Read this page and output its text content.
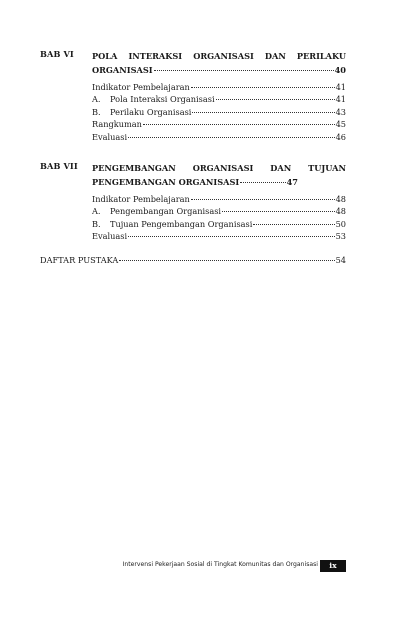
BAB VI POLA INTERAKSI ORGANISASI DAN PERILAKU
ORGANISASI	40
Indikator Pembelajaran	41
A.	Pola Interaksi Organisasi	41
B.	Perilaku Organisasi	43
Rangkuman	45
Evaluasi	46
BAB VII PENGEMBANGAN ORGANISASI DAN TUJUAN
PENGEMBANGAN ORGANISASI	47
Indikator Pembelajaran	48
A.	Pengembangan Organisasi	48
B.	Tujuan Pengembangan Organisasi	50
Evaluasi	53
DAFTAR PUSTAKA	54
Intervensi Pekerjaan Sosial di Tingkat Komunitas dan Organisasi	ix
